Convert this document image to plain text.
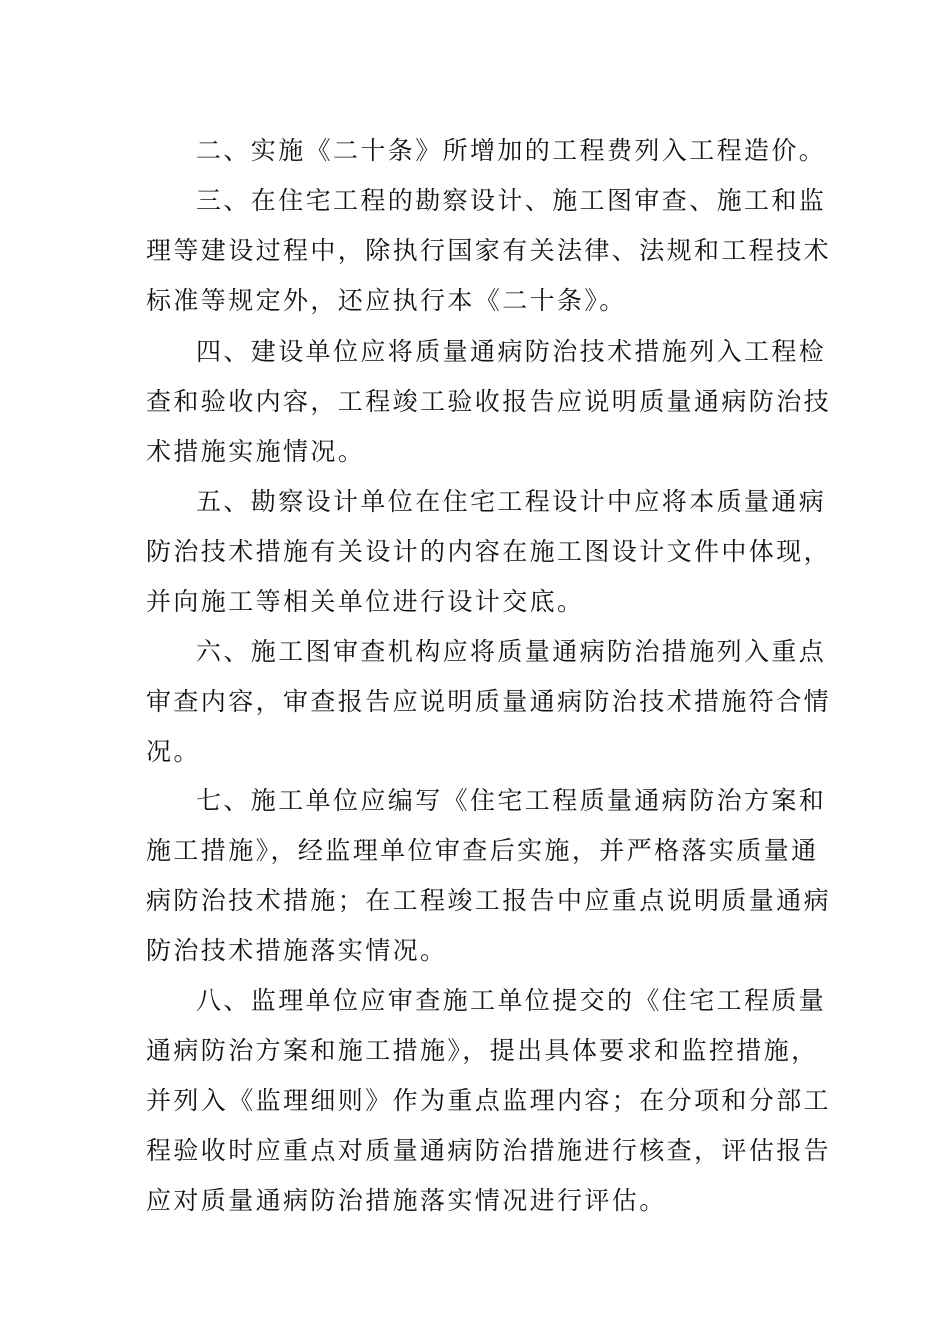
二、实施《二十条》所增加的工程费列入工程造价。
三、在住宅工程的勘察设计、施工图审查、施工和监
理等建设过程中，除执行国家有关法律、法规和工程技术
标准等规定外，还应执行本《二十条》。
四、建设单位应将质量通病防治技术措施列入工程检
查和验收内容，工程竣工验收报告应说明质量通病防治技
术措施实施情况。
五、勘察设计单位在住宅工程设计中应将本质量通病
防治技术措施有关设计的内容在施工图设计文件中体现，
并向施工等相关单位进行设计交底。
六、施工图审查机构应将质量通病防治措施列入重点
审查内容，审查报告应说明质量通病防治技术措施符合情
况。
七、施工单位应编写《住宅工程质量通病防治方案和
施工措施》，经监理单位审查后实施，并严格落实质量通
病防治技术措施；在工程竣工报告中应重点说明质量通病
防治技术措施落实情况。
八、监理单位应审查施工单位提交的《住宅工程质量
通病防治方案和施工措施》，提出具体要求和监控措施，
并列入《监理细则》作为重点监理内容；在分项和分部工
程验收时应重点对质量通病防治措施进行核查，评估报告
应对质量通病防治措施落实情况进行评估。
